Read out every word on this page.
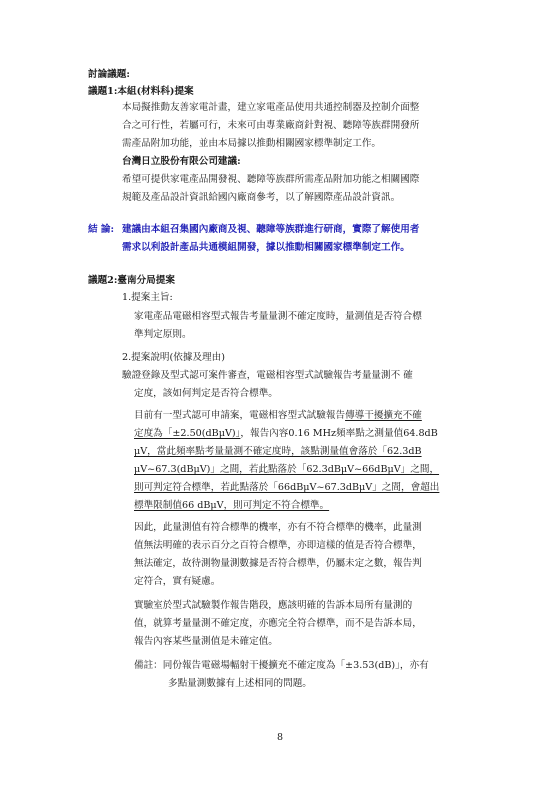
討論議題:
議題1:本組(材料科)提案
本局擬推動友善家電計畫，建立家電產品使用共通控制器及控制介面整
合之可行性，若屬可行，未來可由專業廠商針對視、聽障等族群開發所
需產品附加功能，並由本局據以推動相關國家標準制定工作。
台灣日立股份有限公司建議:
希望可提供家電產品開發視、聽障等族群所需產品附加功能之相關國際
規範及產品設計資訊給國內廠商參考，以了解國際產品設計資訊。
結 論: 建議由本組召集國內廠商及視、聽障等族群進行研商，實際了解使用者
需求以利設計產品共通模組開發，據以推動相關國家標準制定工作。
議題2:臺南分局提案
1.提案主旨:
家電產品電磁相容型式報告考量量測不確定度時，量測值是否符合標
準判定原則。
2.提案說明(依據及理由)
驗證登錄及型式認可案件審查，電磁相容型式試驗報告考量量測不 確
定度，該如何判定是否符合標準。
目前有一型式認可申請案，電磁相容型式試驗報告傳導干擾擴充不確
定度為「±2.50(dBμV)」，報告內容0.16 MHz頻率點之測量值64.8dB
μV，當此頻率點考量量測不確定度時，該點測量值會落於「62.3dB
μV~67.3(dBμV)」之間，若此點落於「62.3dBμV~66dBμV」之間，
則可判定符合標準，若此點落於「66dBμV~67.3dBμV」之間，會超出
標準限制值66 dBμV，則可判定不符合標準。
因此，此量測值有符合標準的機率，亦有不符合標準的機率，此量測
值無法明確的表示百分之百符合標準，亦即這樣的值是否符合標準，
無法確定，故待測物量測數據是否符合標準，仍屬未定之數，報告判
定符合，實有疑慮。
實驗室於型式試驗製作報告階段，應該明確的告訴本局所有量測的
值，就算考量量測不確定度，亦應完全符合標準，而不是告訴本局，
報告內容某些量測值是未確定值。
備註：同份報告電磁場輻射干擾擴充不確定度為「±3.53(dB)」，亦有
多點量測數據有上述相同的問題。
8
